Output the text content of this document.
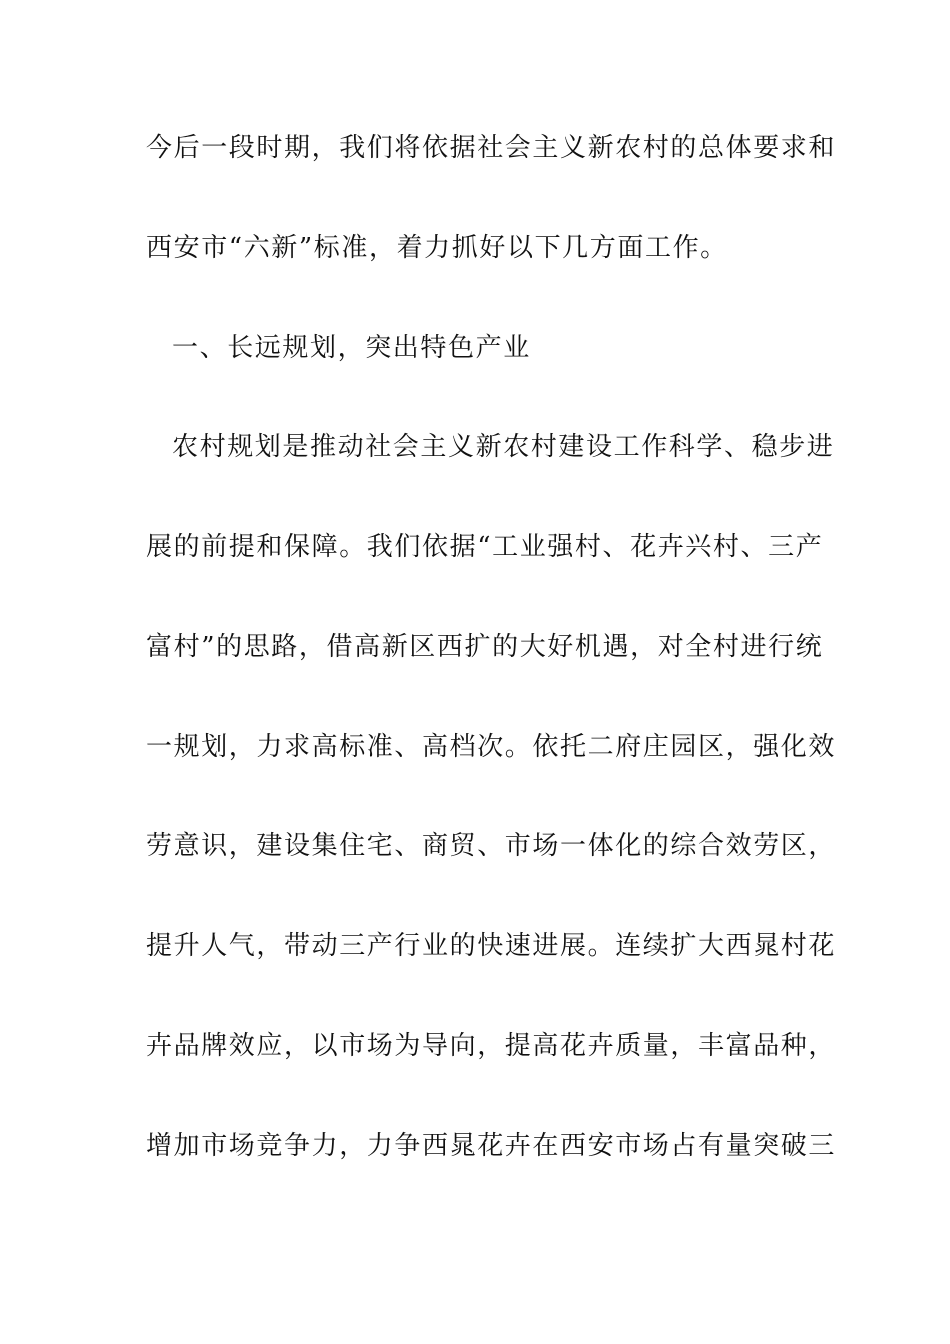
今后一段时期，我们将依据社会主义新农村的总体要求和
西安市“六新”标准，着力抓好以下几方面工作。
一、长远规划，突出特色产业
农村规划是推动社会主义新农村建设工作科学、稳步进
展的前提和保障。我们依据“工业强村、花卉兴村、三产
富村”的思路，借高新区西扩的大好机遇，对全村进行统
一规划，力求高标准、高档次。依托二府庄园区，强化效
劳意识，建设集住宅、商贸、市场一体化的综合效劳区，
提升人气，带动三产行业的快速进展。连续扩大西晁村花
卉品牌效应，以市场为导向，提高花卉质量，丰富品种，
增加市场竞争力，力争西晁花卉在西安市场占有量突破三
